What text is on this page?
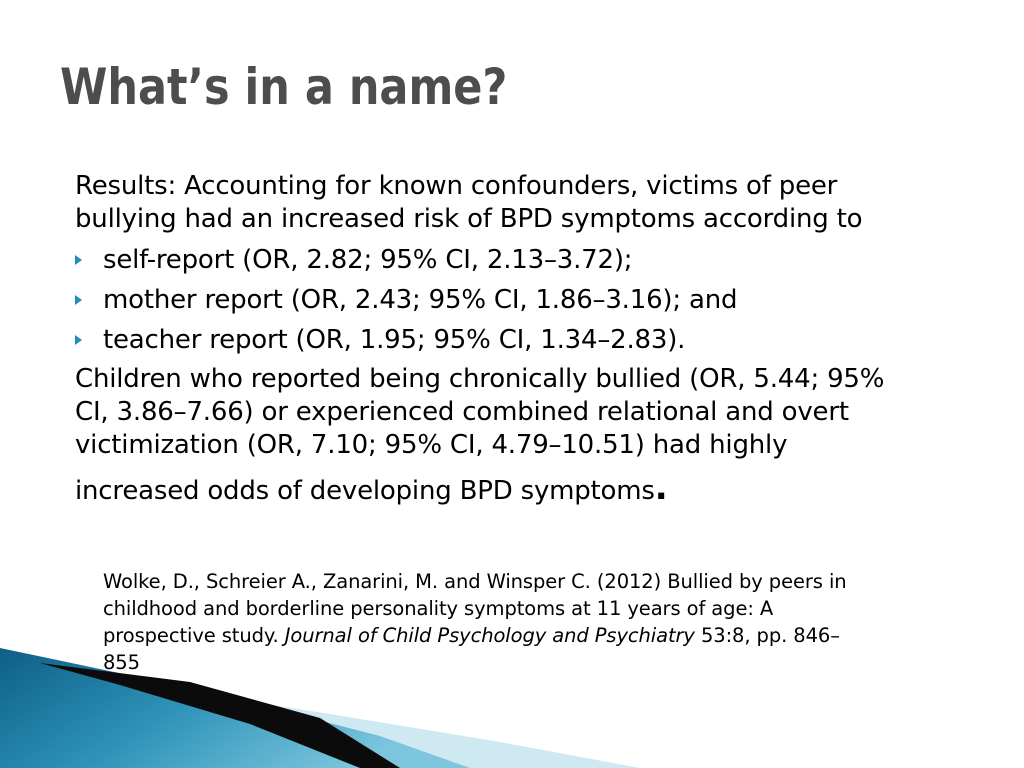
What’s in a name?

Results: Accounting for known confounders, victims of peer
bullying had an increased risk of BPD symptoms according to

self-report (OR, 2.82; 95% CI, 2.13–3.72);
mother report (OR, 2.43; 95% CI, 1.86–3.16); and
teacher report (OR, 1.95; 95% CI, 1.34–2.83).

Children who reported being chronically bullied (OR, 5.44; 95%
CI, 3.86–7.66) or experienced combined relational and overt
victimization (OR, 7.10; 95% CI, 4.79–10.51) had highly
increased odds of developing BPD symptoms.

Wolke, D., Schreier A., Zanarini, M. and Winsper C. (2012) Bullied by peers in
childhood and borderline personality symptoms at 11 years of age: A
prospective study. Journal of Child Psychology and Psychiatry 53:8, pp. 846–
855
